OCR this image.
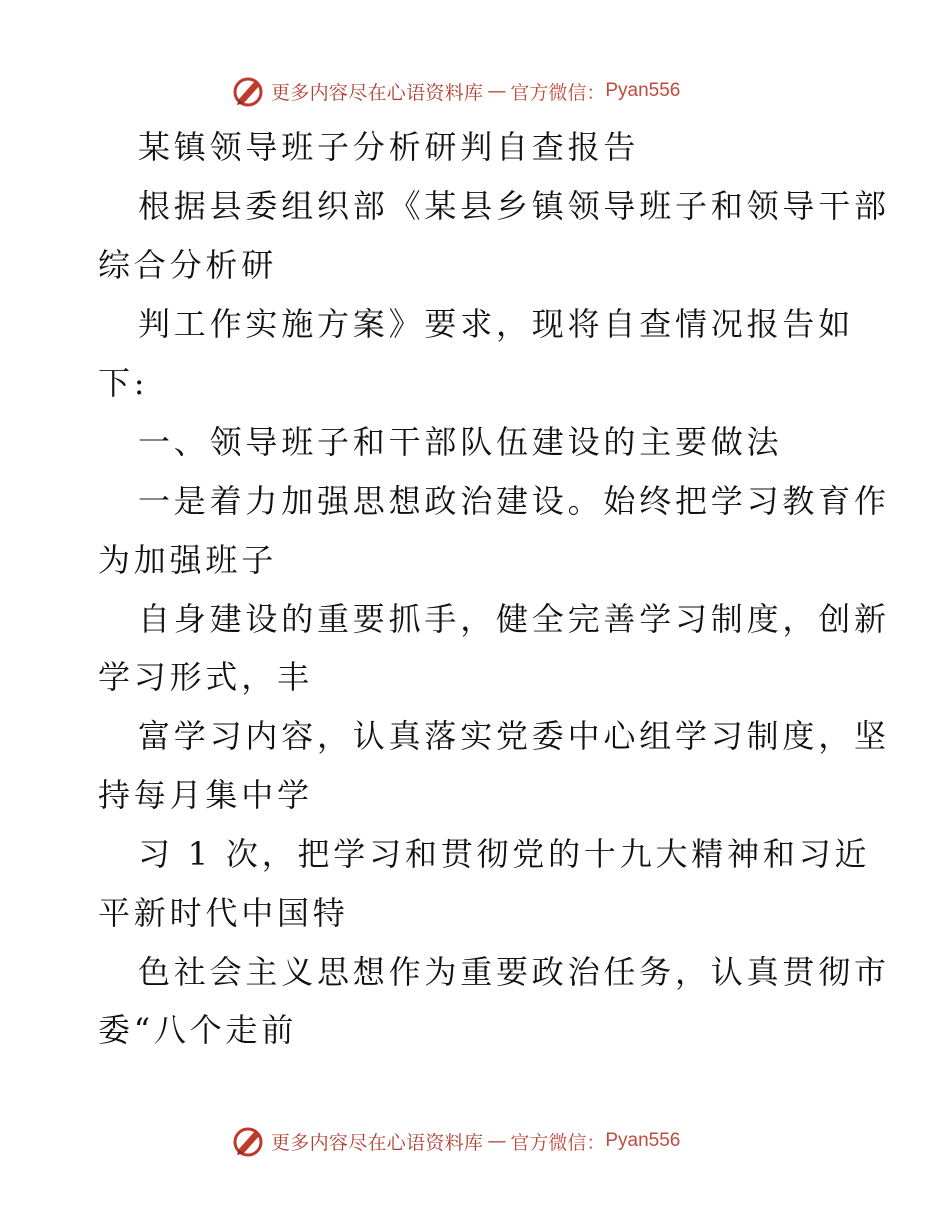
更多内容尽在心语资料库 — 官方微信： Pyan556
某镇领导班子分析研判自查报告
根据县委组织部《某县乡镇领导班子和领导干部
综合分析研
判工作实施方案》要求，现将自查情况报告如
下:
一、领导班子和干部队伍建设的主要做法
一是着力加强思想政治建设。始终把学习教育作
为加强班子
自身建设的重要抓手，健全完善学习制度，创新
学习形式，丰
富学习内容，认真落实党委中心组学习制度，坚
持每月集中学
习 1 次，把学习和贯彻党的十九大精神和习近
平新时代中国特
色社会主义思想作为重要政治任务，认真贯彻市
委“八个走前
更多内容尽在心语资料库 — 官方微信： Pyan556
